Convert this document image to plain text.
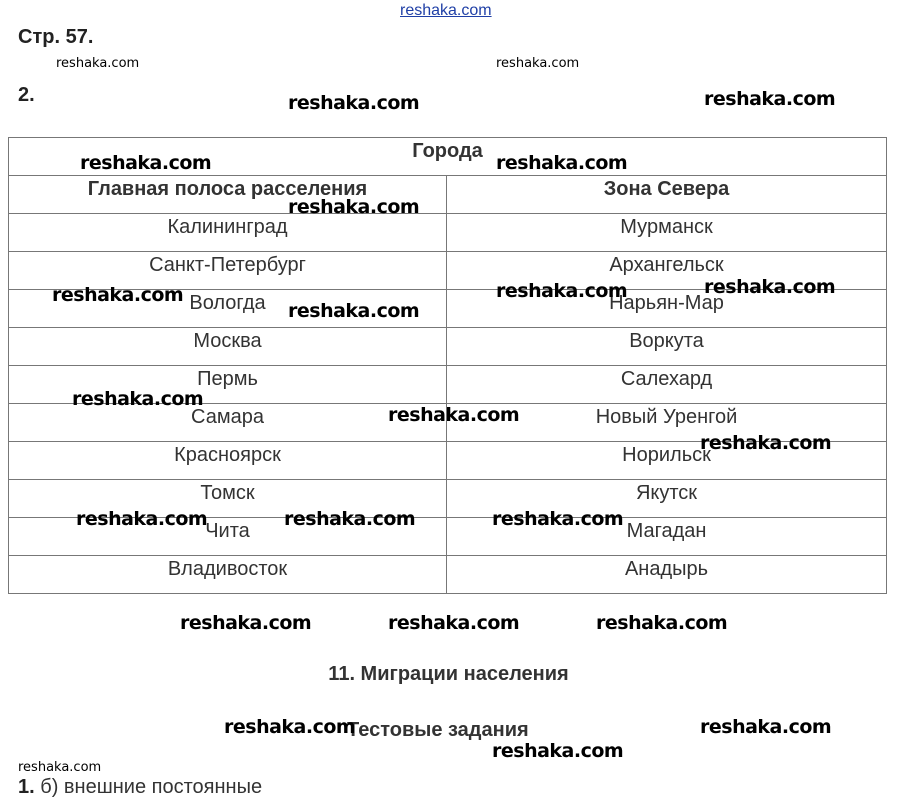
reshaka.com
Стр. 57.
reshaka.com	reshaka.com
2.	reshaka.com	reshaka.com
Города	
Главная полоса расселения	Зона Севера
Калининград	Мурманск
Санкт-Петербург	Архангельск
Вологда	Нарьян-Мар
Москва	Воркута
Пермь	Салехард
Самара	Новый Уренгой
Красноярск	Норильск
Томск	Якутск
Чита	Магадан
Владивосток	Анадырь
reshaka.com	reshaka.com
reshaka.com
reshaka.com	reshaka.com	reshaka.com
reshaka.com
reshaka.com
reshaka.com
reshaka.com
reshaka.com	reshaka.com	reshaka.com
reshaka.com	reshaka.com	reshaka.com
11. Миграции населения
Тестовые задания
reshaka.com	reshaka.com
reshaka.com
reshaka.com
1. б) внешние постоянные
